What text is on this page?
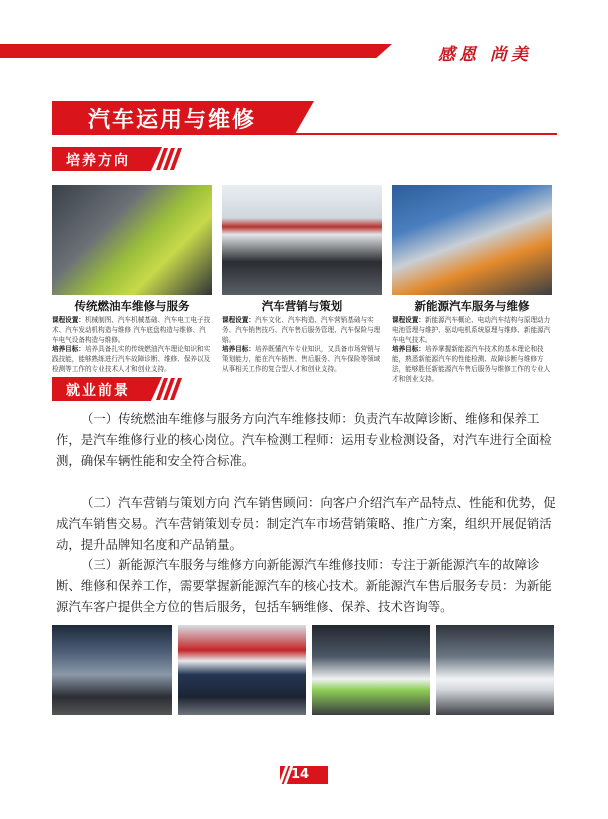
感恩 尚美
汽车运用与维修
培养方向
传统燃油车维修与服务
课程设置：机械制图、汽车机械基础、汽车电工电子技术、汽车发动机构造与维修 汽车底盘构造与维修、汽车电气设备构造与维修。
培养目标：培养具备扎实的传统燃油汽车理论知识和实践技能，能够熟练进行汽车故障诊断、维修、保养以及检测等工作的专业技术人才和创业支持。
汽车营销与策划
课程设置：汽车文化、汽车构造、汽车营销基础与实务、汽车销售技巧、汽车售后服务管理、汽车保险与理赔。
培养目标：培养既懂汽车专业知识，又具备市场营销与策划能力，能在汽车销售、售后服务、汽车保险等领域从事相关工作的复合型人才和创业支持。
新能源汽车服务与维修
课程设置：新能源汽车概论、电动汽车结构与原理动力电池管理与维护、驱动电机系统原理与维修、新能源汽车电气技术。
培养目标：培养掌握新能源汽车技术的基本理论和技能，熟悉新能源汽车的性能检测、故障诊断与维修方法，能够胜任新能源汽车售后服务与维修工作的专业人才和创业支持。
就业前景
（一）传统燃油车维修与服务方向汽车维修技师：负责汽车故障诊断、维修和保养工作，是汽车维修行业的核心岗位。汽车检测工程师：运用专业检测设备，对汽车进行全面检测，确保车辆性能和安全符合标准。
（二）汽车营销与策划方向 汽车销售顾问：向客户介绍汽车产品特点、性能和优势，促成汽车销售交易。汽车营销策划专员：制定汽车市场营销策略、推广方案，组织开展促销活动，提升品牌知名度和产品销量。
（三）新能源汽车服务与维修方向新能源汽车维修技师：专注于新能源汽车的故障诊断、维修和保养工作，需要掌握新能源汽车的核心技术。新能源汽车售后服务专员：为新能源汽车客户提供全方位的售后服务，包括车辆维修、保养、技术咨询等。
14
